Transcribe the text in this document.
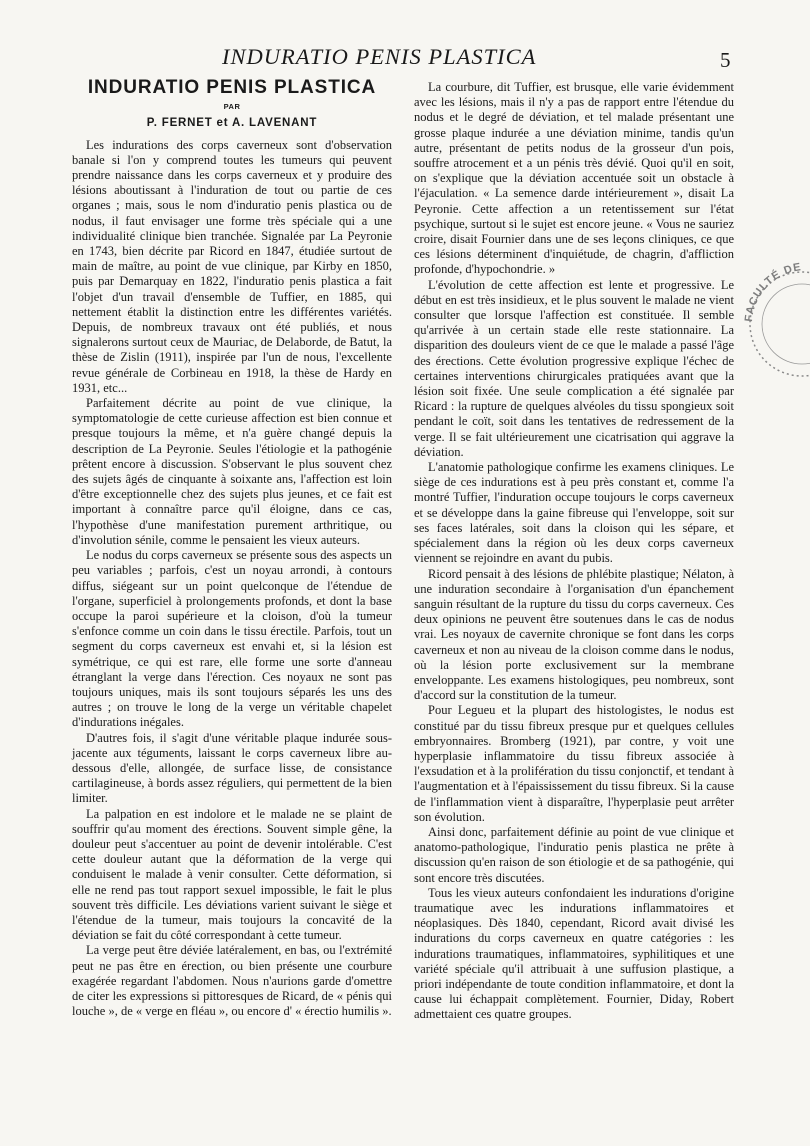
INDURATIO PENIS PLASTICA	5
INDURATIO PENIS PLASTICA
PAR
P. FERNET et A. LAVENANT

Les indurations des corps caverneux sont d'observation banale si l'on y comprend toutes les tumeurs qui peuvent prendre naissance dans les corps caverneux et y produire des lésions aboutissant à l'induration de tout ou partie de ces organes ; mais, sous le nom d'induratio penis plastica ou de nodus, il faut envisager une forme très spéciale qui a une individualité clinique bien tranchée. Signalée par La Peyronie en 1743, bien décrite par Ricord en 1847, étudiée surtout de main de maître, au point de vue clinique, par Kirby en 1850, puis par Demarquay en 1822, l'induratio penis plastica a fait l'objet d'un travail d'ensemble de Tuffier, en 1885, qui nettement établit la distinction entre les différentes variétés. Depuis, de nombreux travaux ont été publiés, et nous signalerons surtout ceux de Mauriac, de Delaborde, de Batut, la thèse de Zislin (1911), inspirée par l'un de nous, l'excellente revue générale de Corbineau en 1918, la thèse de Hardy en 1931, etc...

Parfaitement décrite au point de vue clinique, la symptomatologie de cette curieuse affection est bien connue et presque toujours la même, et n'a guère changé depuis la description de La Peyronie. Seules l'étiologie et la pathogénie prêtent encore à discussion. S'observant le plus souvent chez des sujets âgés de cinquante à soixante ans, l'affection est loin d'être exceptionnelle chez des sujets plus jeunes, et ce fait est important à connaître parce qu'il éloigne, dans ce cas, l'hypothèse d'une manifestation purement arthritique, ou d'involution sénile, comme le pensaient les vieux auteurs.

Le nodus du corps caverneux se présente sous des aspects un peu variables ; parfois, c'est un noyau arrondi, à contours diffus, siégeant sur un point quelconque de l'étendue de l'organe, superficiel à prolongements profonds, et dont la base occupe la paroi supérieure et la cloison, d'où la tumeur s'enfonce comme un coin dans le tissu érectile. Parfois, tout un segment du corps caverneux est envahi et, si la lésion est symétrique, ce qui est rare, elle forme une sorte d'anneau étranglant la verge dans l'érection. Ces noyaux ne sont pas toujours uniques, mais ils sont toujours séparés les uns des autres ; on trouve le long de la verge un véritable chapelet d'indurations inégales.

D'autres fois, il s'agit d'une véritable plaque indurée sous-jacente aux téguments, laissant le corps caverneux libre au-dessous d'elle, allongée, de surface lisse, de consistance cartilagineuse, à bords assez réguliers, qui permettent de la bien limiter.

La palpation en est indolore et le malade ne se plaint de souffrir qu'au moment des érections. Souvent simple gêne, la douleur peut s'accentuer au point de devenir intolérable. C'est cette douleur autant que la déformation de la verge qui conduisent le malade à venir consulter. Cette déformation, si elle ne rend pas tout rapport sexuel impossible, le fait le plus souvent très difficile. Les déviations varient suivant le siège et l'étendue de la tumeur, mais toujours la concavité de la déviation se fait du côté correspondant à cette tumeur.

La verge peut être déviée latéralement, en bas, ou l'extrémité peut ne pas être en érection, ou bien présente une courbure exagérée regardant l'abdomen. Nous n'aurions garde d'omettre de citer les expressions si pittoresques de Ricard, de « pénis qui louche », de « verge en fléau », ou encore d' « érectio humilis ».

La courbure, dit Tuffier, est brusque, elle varie évidemment avec les lésions, mais il n'y a pas de rapport entre l'étendue du nodus et le degré de déviation, et tel malade présentant une grosse plaque indurée a une déviation minime, tandis qu'un autre, présentant de petits nodus de la grosseur d'un pois, souffre atrocement et a un pénis très dévié. Quoi qu'il en soit, on s'explique que la déviation accentuée soit un obstacle à l'éjaculation. « La semence darde intérieurement », disait La Peyronie. Cette affection a un retentissement sur l'état psychique, surtout si le sujet est encore jeune. « Vous ne sauriez croire, disait Fournier dans une de ses leçons cliniques, ce que ces lésions déterminent d'inquiétude, de chagrin, d'affliction profonde, d'hypochondrie. »

L'évolution de cette affection est lente et progressive. Le début en est très insidieux, et le plus souvent le malade ne vient consulter que lorsque l'affection est constituée. Il semble qu'arrivée à un certain stade elle reste stationnaire. La disparition des douleurs vient de ce que le malade a passé l'âge des érections. Cette évolution progressive explique l'échec de certaines interventions chirurgicales pratiquées avant que la lésion soit fixée. Une seule complication a été signalée par Ricard : la rupture de quelques alvéoles du tissu spongieux soit pendant le coït, soit dans les tentatives de redressement de la verge. Il se fait ultérieurement une cicatrisation qui aggrave la déviation.

L'anatomie pathologique confirme les examens cliniques. Le siège de ces indurations est à peu près constant et, comme l'a montré Tuffier, l'induration occupe toujours le corps caverneux et se développe dans la gaine fibreuse qui l'enveloppe, soit sur ses faces latérales, soit dans la cloison qui les sépare, et spécialement dans la région où les deux corps caverneux viennent se rejoindre en avant du pubis.

Ricord pensait à des lésions de phlébite plastique; Nélaton, à une induration secondaire à l'organisation d'un épanchement sanguin résultant de la rupture du tissu du corps caverneux. Ces deux opinions ne peuvent être soutenues dans le cas de nodus vrai. Les noyaux de cavernite chronique se font dans les corps caverneux et non au niveau de la cloison comme dans le nodus, où la lésion porte exclusivement sur la membrane enveloppante. Les examens histologiques, peu nombreux, sont d'accord sur la constitution de la tumeur.

Pour Legueu et la plupart des histologistes, le nodus est constitué par du tissu fibreux presque pur et quelques cellules embryonnaires. Bromberg (1921), par contre, y voit une hyperplasie inflammatoire du tissu fibreux associée à l'exsudation et à la prolifération du tissu conjonctif, et tendant à l'augmentation et à l'épaississement du tissu fibreux. Si la cause de l'inflammation vient à disparaître, l'hyperplasie peut arrêter son évolution.

Ainsi donc, parfaitement définie au point de vue clinique et anatomo-pathologique, l'induratio penis plastica ne prête à discussion qu'en raison de son étiologie et de sa pathogénie, qui sont encore très discutées.

Tous les vieux auteurs confondaient les indurations d'origine traumatique avec les indurations inflammatoires et néoplasiques. Dès 1840, cependant, Ricord avait divisé les indurations du corps caverneux en quatre catégories : les indurations traumatiques, inflammatoires, syphilitiques et une variété spéciale qu'il attribuait à une suffusion plastique, a priori indépendante de toute condition inflammatoire, et dont la cause lui échappait complètement. Fournier, Diday, Robert admettaient ces quatre groupes.

FACULTÉ DE
